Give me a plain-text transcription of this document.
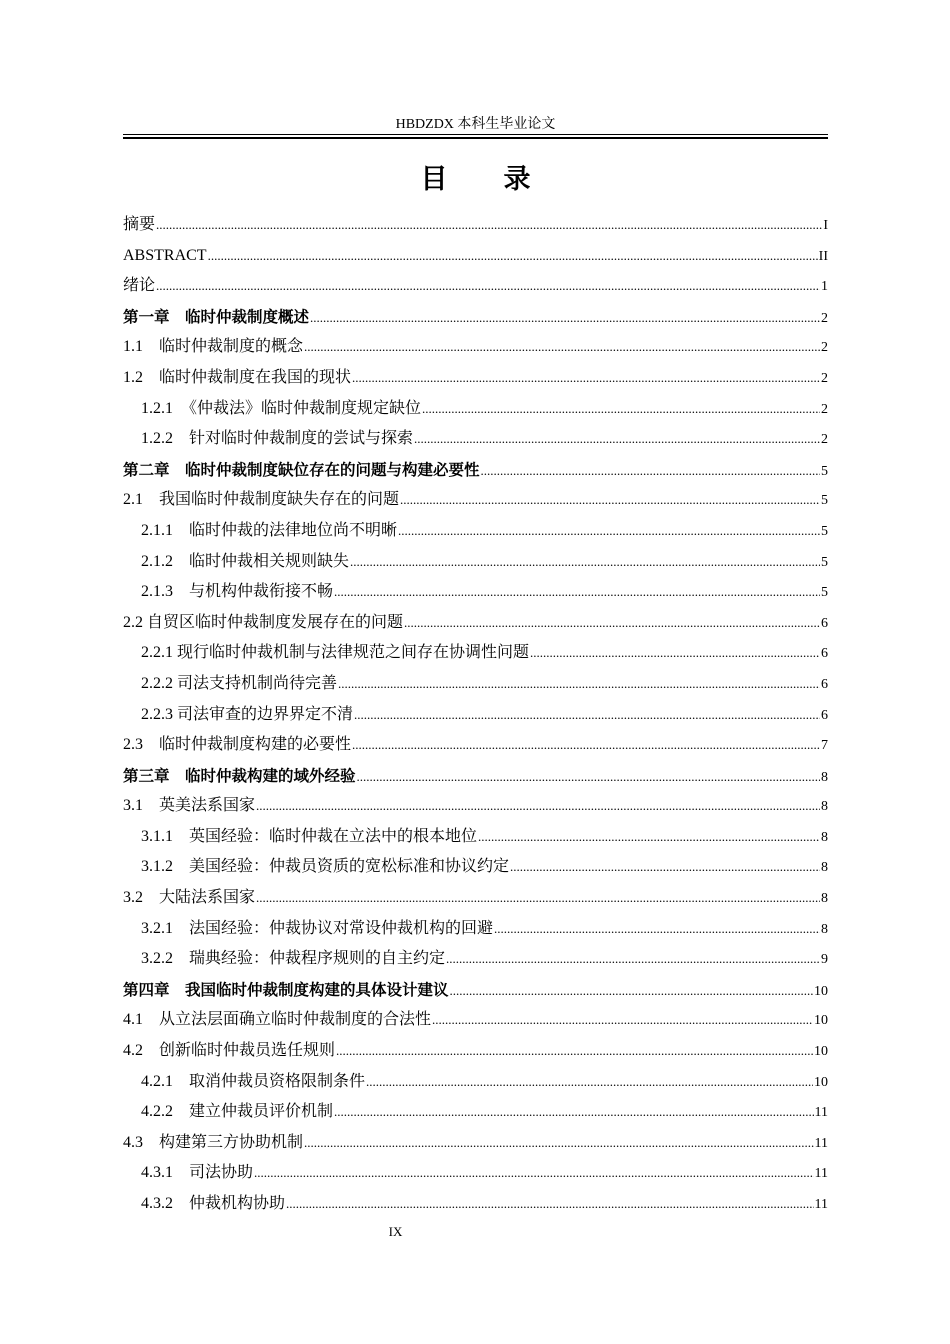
HBDZDX 本科生毕业论文
目录
摘要 .....	I
ABSTRACT .....	II
绪论 .....	1
第一章　临时仲裁制度概述 .....	2
1.1　临时仲裁制度的概念 .....	2
1.2　临时仲裁制度在我国的现状 .....	2
1.2.1　《仲裁法》临时仲裁制度规定缺位 .....	2
1.2.2　针对临时仲裁制度的尝试与探索 .....	2
第二章　临时仲裁制度缺位存在的问题与构建必要性 .....	5
2.1　我国临时仲裁制度缺失存在的问题 .....	5
2.1.1　临时仲裁的法律地位尚不明晰 .....	5
2.1.2　临时仲裁相关规则缺失 .....	5
2.1.3　与机构仲裁衔接不畅 .....	5
2.2 自贸区临时仲裁制度发展存在的问题 .....	6
2.2.1 现行临时仲裁机制与法律规范之间存在协调性问题 .....	6
2.2.2 司法支持机制尚待完善 .....	6
2.2.3 司法审查的边界界定不清 .....	6
2.3　临时仲裁制度构建的必要性 .....	7
第三章　临时仲裁构建的域外经验 .....	8
3.1　英美法系国家 .....	8
3.1.1　英国经验：临时仲裁在立法中的根本地位 .....	8
3.1.2　美国经验：仲裁员资质的宽松标准和协议约定 .....	8
3.2　大陆法系国家 .....	8
3.2.1　法国经验：仲裁协议对常设仲裁机构的回避 .....	8
3.2.2　瑞典经验：仲裁程序规则的自主约定 .....	9
第四章　我国临时仲裁制度构建的具体设计建议 .....	10
4.1　从立法层面确立临时仲裁制度的合法性 .....	10
4.2　创新临时仲裁员选任规则 .....	10
4.2.1　取消仲裁员资格限制条件 .....	10
4.2.2　建立仲裁员评价机制 .....	11
4.3　构建第三方协助机制 .....	11
4.3.1　司法协助 .....	11
4.3.2　仲裁机构协助 .....	11
IX
